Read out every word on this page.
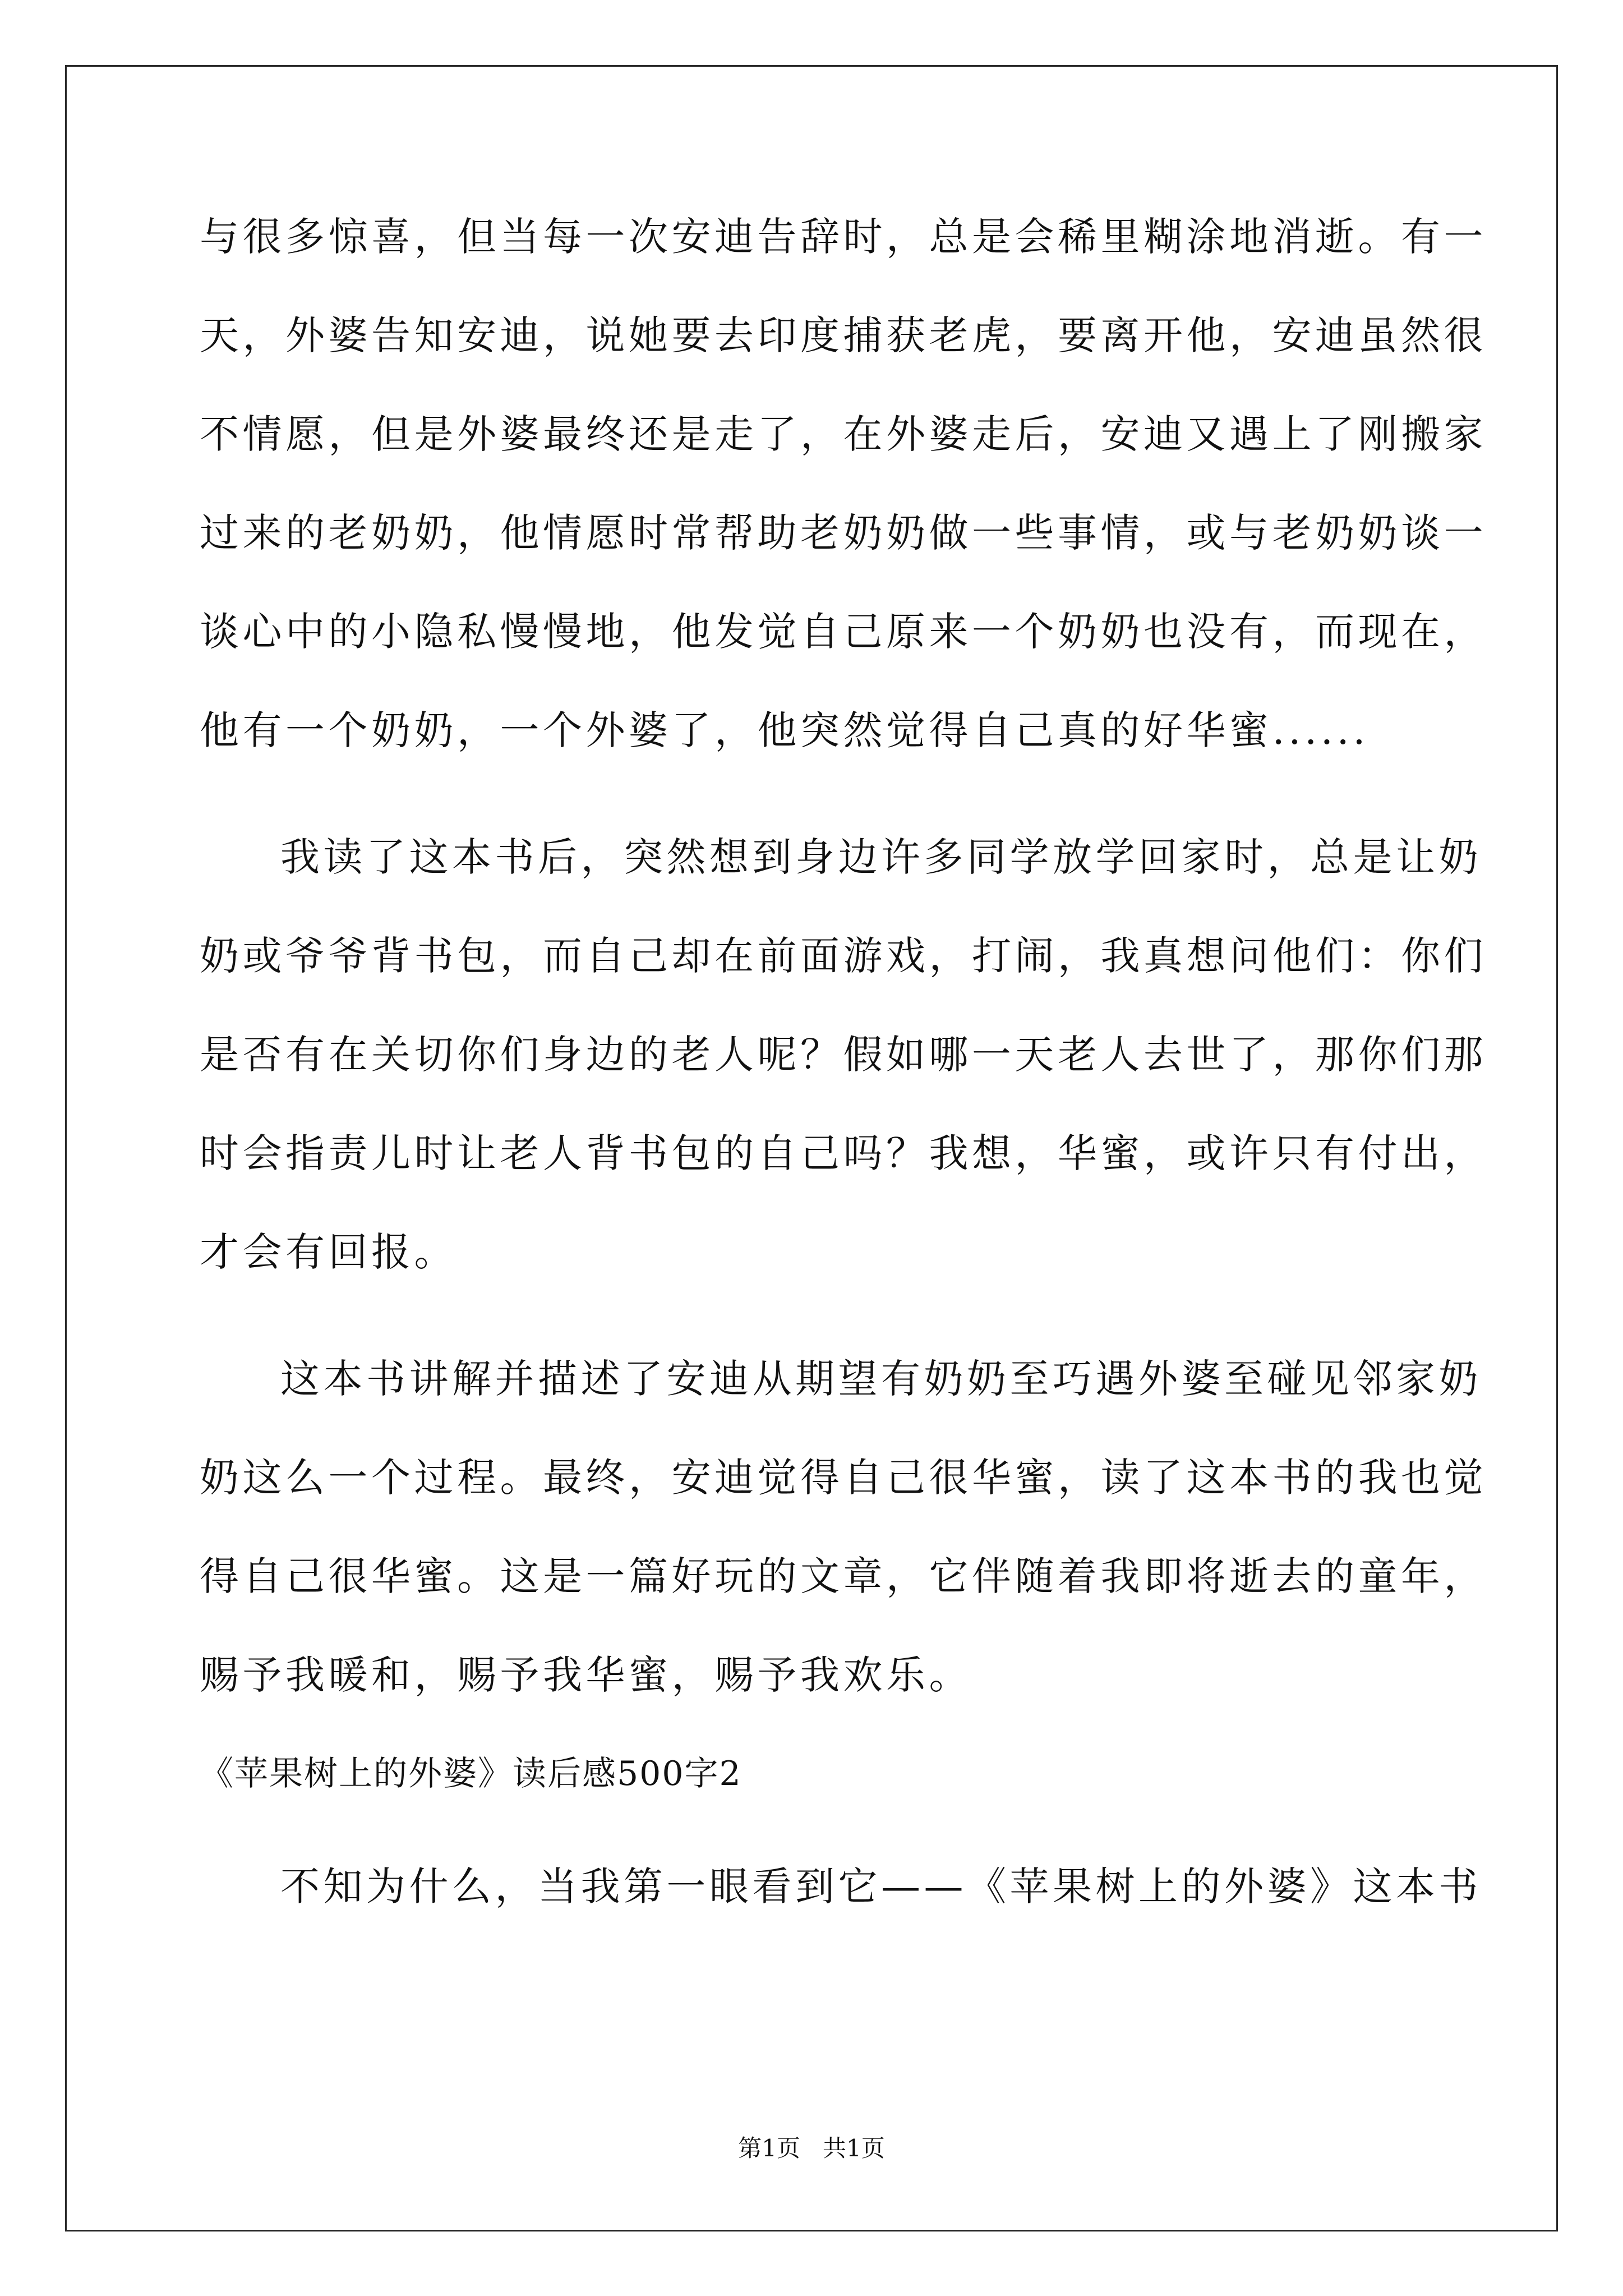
与很多惊喜，但当每一次安迪告辞时，总是会稀里糊涂地消逝。有一
天，外婆告知安迪，说她要去印度捕获老虎，要离开他，安迪虽然很
不情愿，但是外婆最终还是走了，在外婆走后，安迪又遇上了刚搬家
过来的老奶奶，他情愿时常帮助老奶奶做一些事情，或与老奶奶谈一
谈心中的小隐私慢慢地，他发觉自己原来一个奶奶也没有，而现在，
他有一个奶奶，一个外婆了，他突然觉得自己真的好华蜜......
我读了这本书后，突然想到身边许多同学放学回家时，总是让奶
奶或爷爷背书包，而自己却在前面游戏，打闹，我真想问他们：你们
是否有在关切你们身边的老人呢？假如哪一天老人去世了，那你们那
时会指责儿时让老人背书包的自己吗？我想，华蜜，或许只有付出，
才会有回报。
这本书讲解并描述了安迪从期望有奶奶至巧遇外婆至碰见邻家奶
奶这么一个过程。最终，安迪觉得自己很华蜜，读了这本书的我也觉
得自己很华蜜。这是一篇好玩的文章，它伴随着我即将逝去的童年，
赐予我暖和，赐予我华蜜，赐予我欢乐。
《苹果树上的外婆》读后感500字2
不知为什么，当我第一眼看到它——《苹果树上的外婆》这本书
第1页   共1页
